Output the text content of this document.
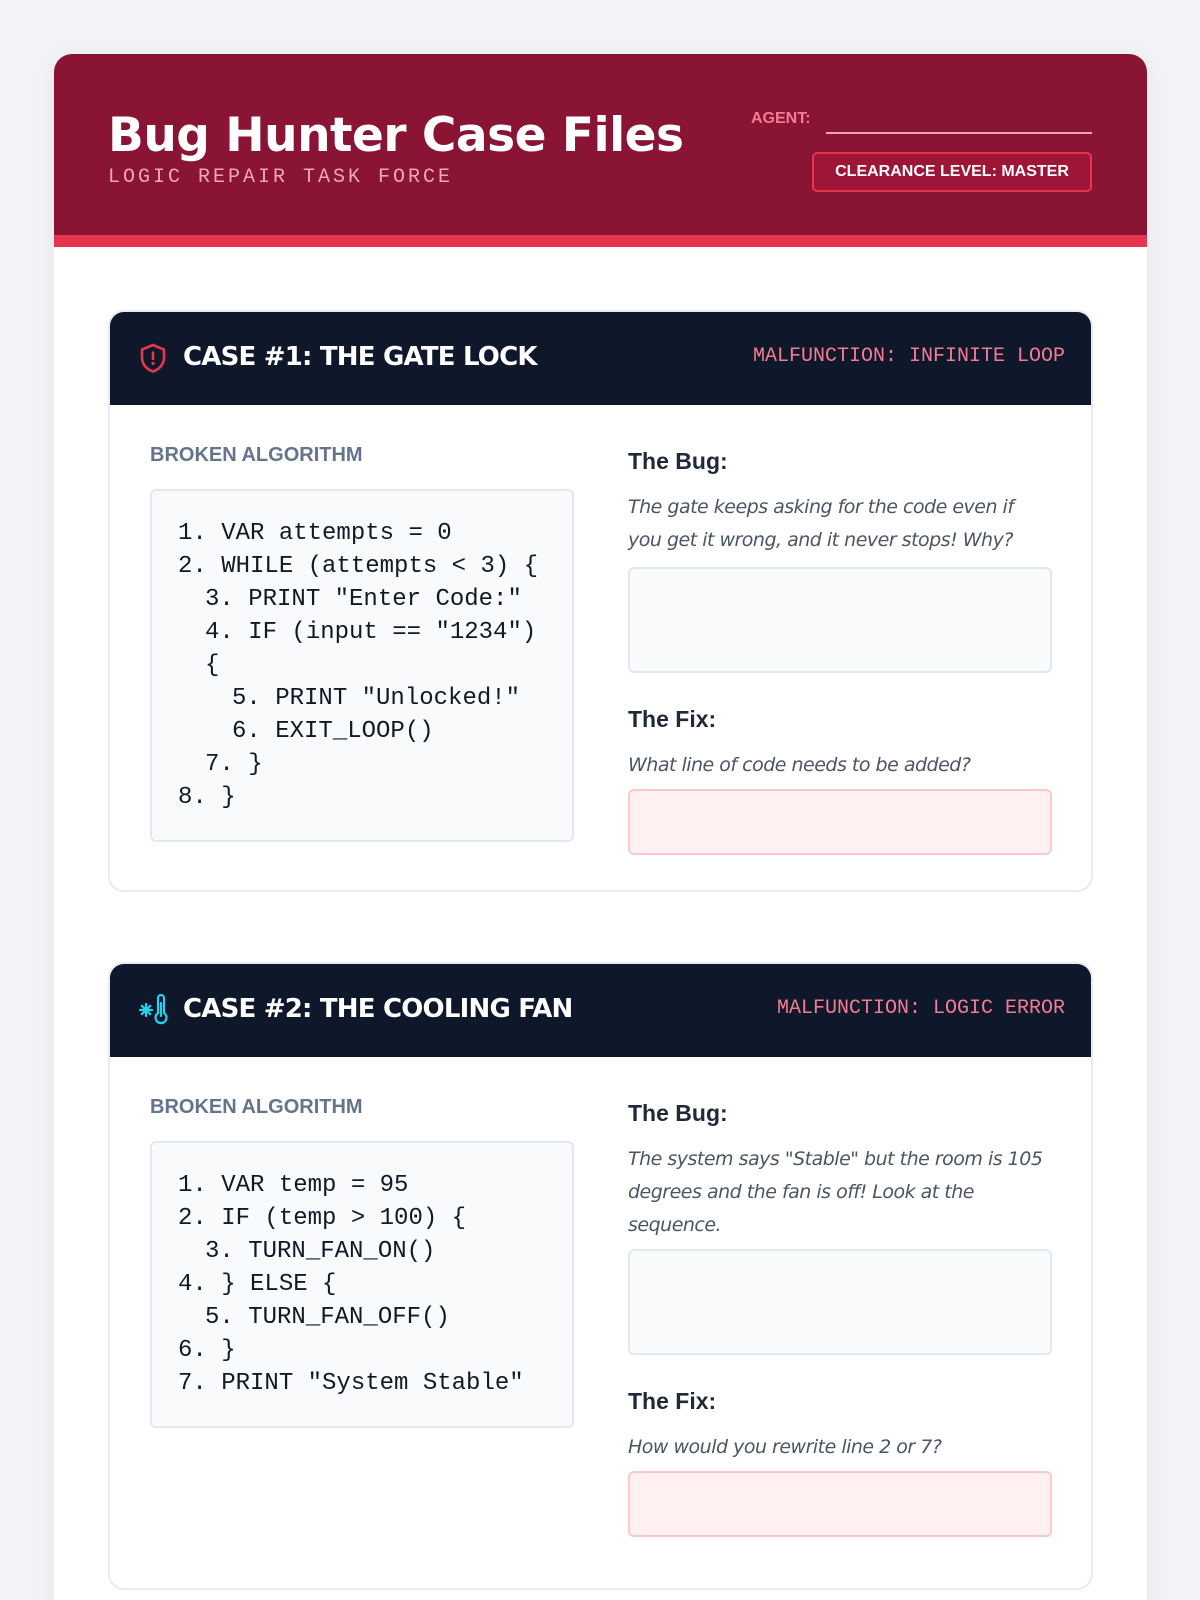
Bug Hunter Case Files
LOGIC REPAIR TASK FORCE
AGENT:
CLEARANCE LEVEL: MASTER
CASE #1: THE GATE LOCK	MALFUNCTION: INFINITE LOOP
BROKEN ALGORITHM
1. VAR attempts = 0
2. WHILE (attempts < 3) {
3. PRINT "Enter Code:"
4. IF (input == "1234")
{
5. PRINT "Unlocked!"
6. EXIT_LOOP()
7. }
8. }
The Bug:
The gate keeps asking for the code even if you get it wrong, and it never stops! Why?
The Fix:
What line of code needs to be added?
CASE #2: THE COOLING FAN	MALFUNCTION: LOGIC ERROR
BROKEN ALGORITHM
1. VAR temp = 95
2. IF (temp > 100) {
3. TURN_FAN_ON()
4. } ELSE {
5. TURN_FAN_OFF()
6. }
7. PRINT "System Stable"
The Bug:
The system says "Stable" but the room is 105 degrees and the fan is off! Look at the sequence.
The Fix:
How would you rewrite line 2 or 7?
